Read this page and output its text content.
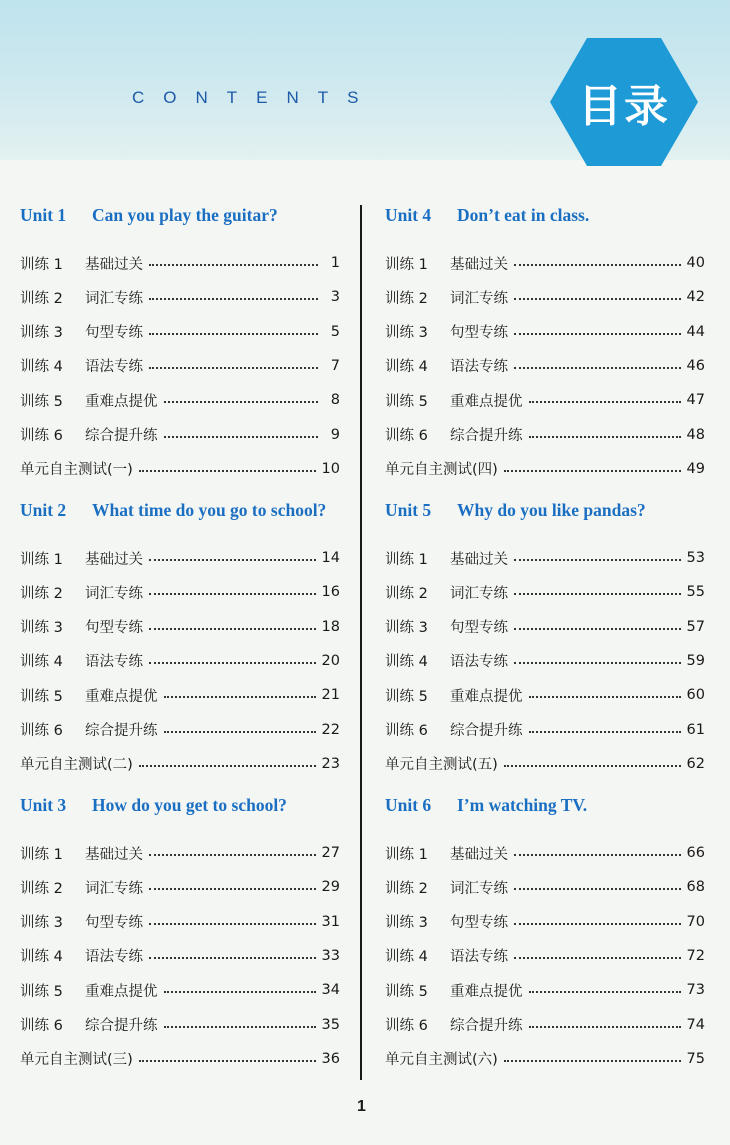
CONTENTS	目录
Unit 1 Can you play the guitar?
训练 1 基础过关	1
训练 2 词汇专练	3
训练 3 句型专练	5
训练 4 语法专练	7
训练 5 重难点提优	8
训练 6 综合提升练	9
单元自主测试(一)	10
Unit 2 What time do you go to school?
训练 1 基础过关	14
训练 2 词汇专练	16
训练 3 句型专练	18
训练 4 语法专练	20
训练 5 重难点提优	21
训练 6 综合提升练	22
单元自主测试(二)	23
Unit 3 How do you get to school?
训练 1 基础过关	27
训练 2 词汇专练	29
训练 3 句型专练	31
训练 4 语法专练	33
训练 5 重难点提优	34
训练 6 综合提升练	35
单元自主测试(三)	36
Unit 4 Don’t eat in class.
训练 1 基础过关	40
训练 2 词汇专练	42
训练 3 句型专练	44
训练 4 语法专练	46
训练 5 重难点提优	47
训练 6 综合提升练	48
单元自主测试(四)	49
Unit 5 Why do you like pandas?
训练 1 基础过关	53
训练 2 词汇专练	55
训练 3 句型专练	57
训练 4 语法专练	59
训练 5 重难点提优	60
训练 6 综合提升练	61
单元自主测试(五)	62
Unit 6 I’m watching TV.
训练 1 基础过关	66
训练 2 词汇专练	68
训练 3 句型专练	70
训练 4 语法专练	72
训练 5 重难点提优	73
训练 6 综合提升练	74
单元自主测试(六)	75
1
